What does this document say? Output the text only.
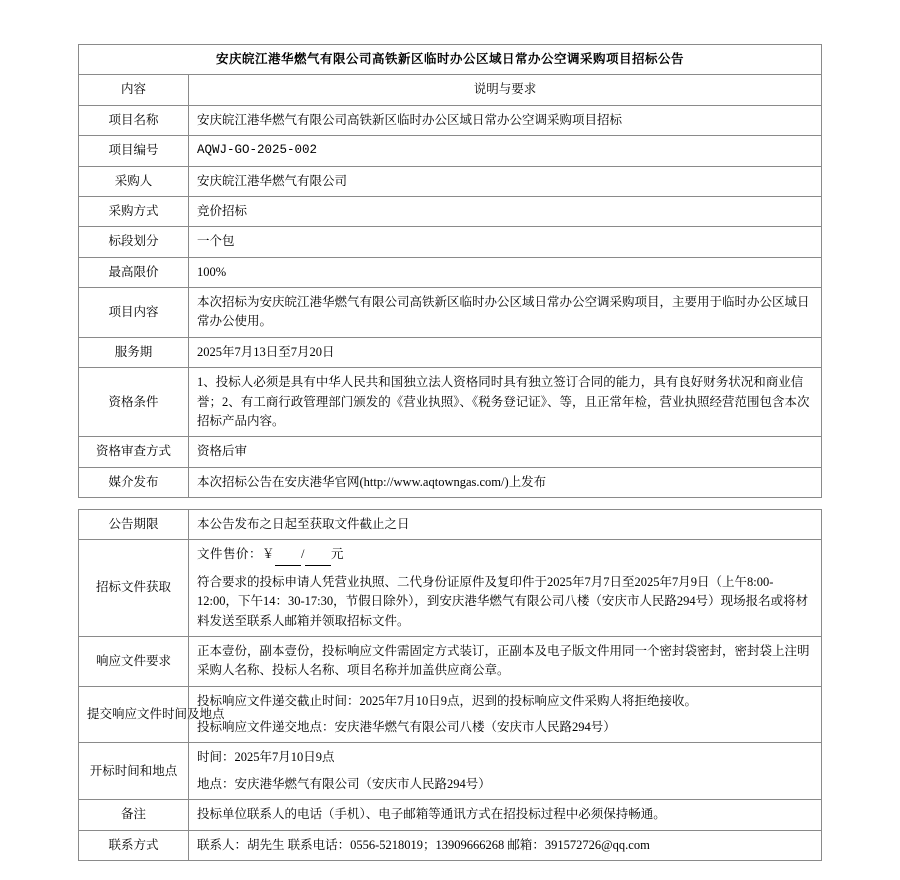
安庆皖江港华燃气有限公司高铁新区临时办公区域日常办公空调采购项目招标公告	
内容	说明与要求
项目名称	安庆皖江港华燃气有限公司高铁新区临时办公区域日常办公空调采购项目招标
项目编号	AQWJ-GO-2025-002
采购人	安庆皖江港华燃气有限公司
采购方式	竞价招标
标段划分	一个包
最高限价	100%
项目内容	本次招标为安庆皖江港华燃气有限公司高铁新区临时办公区域日常办公空调采购项目，主要用于临时办公区域日常办公使用。
服务期	2025年7月13日至7月20日
资格条件	1、投标人必须是具有中华人民共和国独立法人资格同时具有独立签订合同的能力，具有良好财务状况和商业信誉；2、有工商行政管理部门颁发的《营业执照》、《税务登记证》、等，且正常年检，营业执照经营范围包含本次招标产品内容。
资格审查方式	资格后审
媒介发布	本次招标公告在安庆港华官网(http://www.aqtowngas.com/)上发布
公告期限	本公告发布之日起至获取文件截止之日
招标文件获取	文件售价：￥ / 元

符合要求的投标申请人凭营业执照、二代身份证原件及复印件于2025年7月7日至2025年7月9日（上午8:00-12:00，下午14：30-17:30，节假日除外），到安庆港华燃气有限公司八楼（安庆市人民路294号）现场报名或将材料发送至联系人邮箱并领取招标文件。

响应文件要求	正本壹份，副本壹份，投标响应文件需固定方式装订，正副本及电子版文件用同一个密封袋密封，密封袋上注明采购人名称、投标人名称、项目名称并加盖供应商公章。
提交响应文件时间及地点	投标响应文件递交截止时间：2025年7月10日9点，迟到的投标响应文件采购人将拒绝接收。

投标响应文件递交地点：安庆港华燃气有限公司八楼（安庆市人民路294号）

开标时间和地点	时间：2025年7月10日9点

地点：安庆港华燃气有限公司（安庆市人民路294号）

备注	投标单位联系人的电话（手机）、电子邮箱等通讯方式在招投标过程中必须保持畅通。
联系方式	联系人：胡先生 联系电话：0556-5218019；13909666268 邮箱：391572726@qq.com
